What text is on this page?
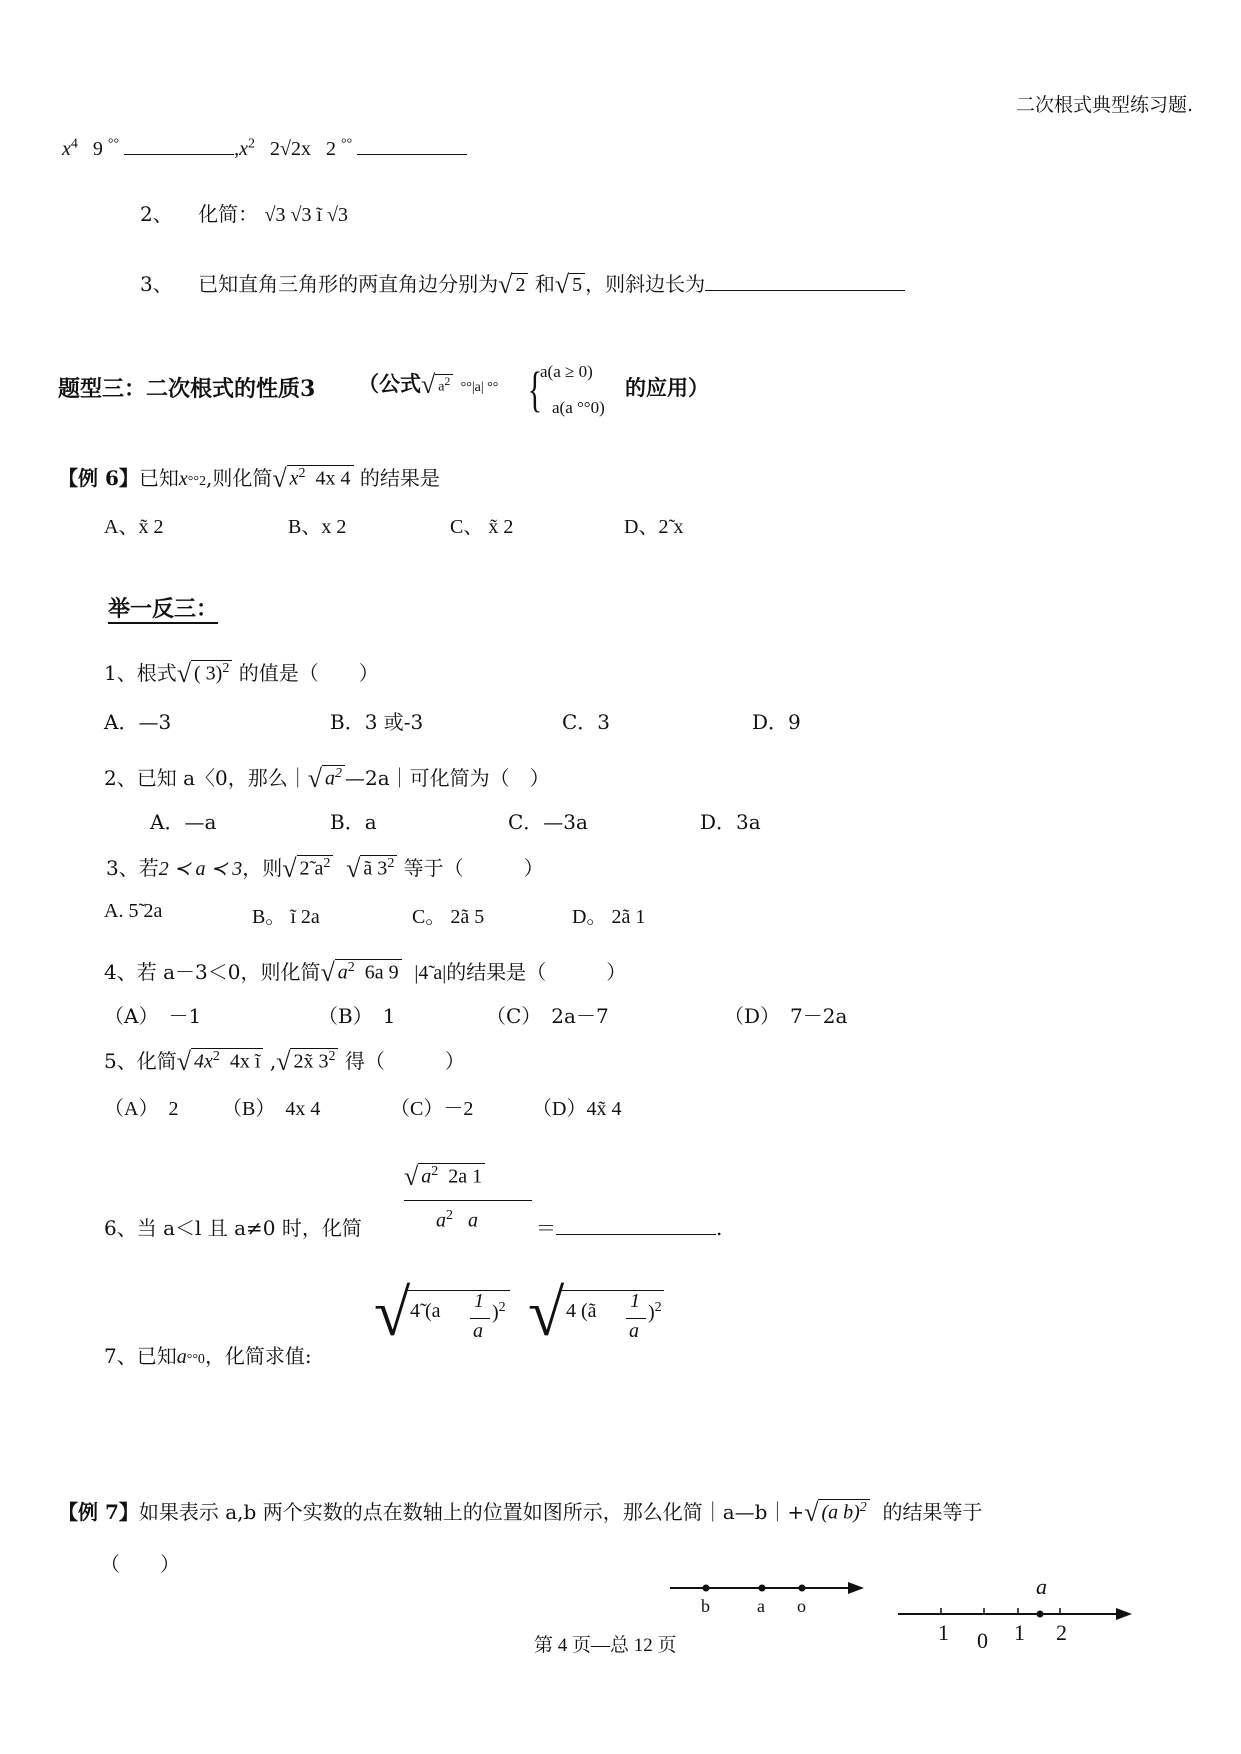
二次根式典型练习题.
$x^4$ 9 °°	$,x^2$ 2√2x 2 °°
2、 化简： √3 √3 ĩ √3
3、 已知直角三角形的两直角边分别为√ 2 和√ 5 ，则斜边长为
题型三：二次根式的性质3 （公式√ $a^2$ °°|a| °° {
a(a ≥ 0)
a(a °°0)
的应用）
【例 6】已知x°°2,则化简√ $x^2$ 4x 4 的结果是
A、x̃ 2	B、x 2	C、 x̃ 2	D、2̃ x
举一反三：
1、根式√ ( 3)$^2$ 的值是（　　）
A．—3	B．3 或-3	C．3	D．9
2、已知 a〈0，那么｜√ $a^2$ —2a｜可化简为（　）
A．—a	B．a	C．—3a	D．3a
3、若2 ≺ a ≺ 3，则√ 2̃ $a^2$ √ ã $3^2$ 等于（　　　）
A. 5̃ 2a	B。 ĩ 2a	C。 2ã 5	D。 2ã 1
4、若 a－3＜0，则化简√ $a^2$ 6a 9 |4̃ a|的结果是（　　　）
（A）　－1	（B）　1	（C）　2a－7	（D）　7－2a
5、化简√ $4x^2$ 4x ĩ ,√ 2x̃ $3^2$ 得（　　　）
（A）　2 （B）　4x 4	（C）－2	（D）4x̃ 4
6、当 a＜l 且 a≠0 时，化简
√ $a^2$ 2a 1
$a^2$ a	＝	.
7、已知a°°0，化简求值:
√ 4̃ (a 1
a
)$^2$ √ 4 (ã 1
a
)$^2$
【例 7】如果表示 a,b 两个实数的点在数轴上的位置如图所示，那么化简｜a—b｜+√ (a b)$^2$ 的结果等于
（　　）
b	a o
a
1 0 1 2
第 4 页—总 12 页
